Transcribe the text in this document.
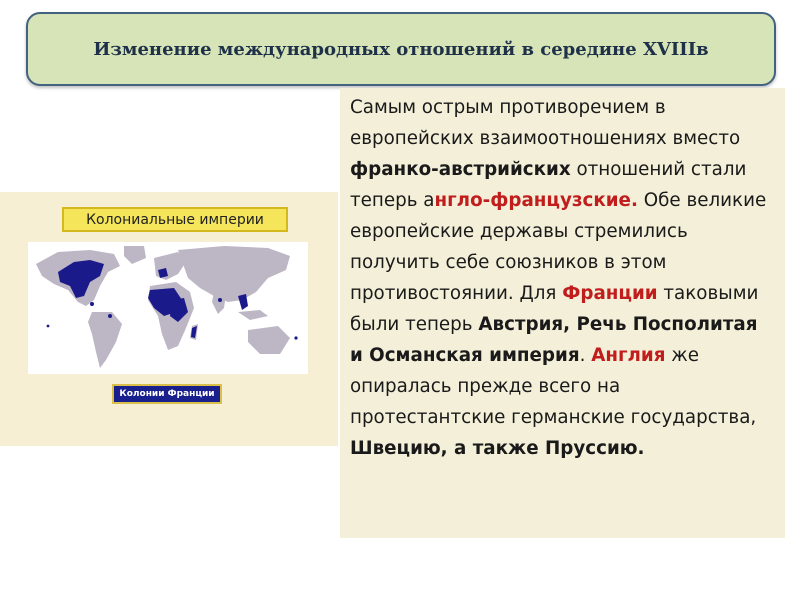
Изменение международных отношений в середине XVIIIв
Колониальные империи
Колонии Франции

Самым острым противоречием в европейских взаимоотношениях вместо франко-австрийских отношений стали теперь англо-французские. Обе великие европейские державы стремились получить себе союзников в этом противостоянии. Для Франции таковыми были теперь Австрия, Речь Посполитая и Османская империя. Англия же опиралась прежде всего на протестантские германские государства, Швецию, а также Пруссию.
